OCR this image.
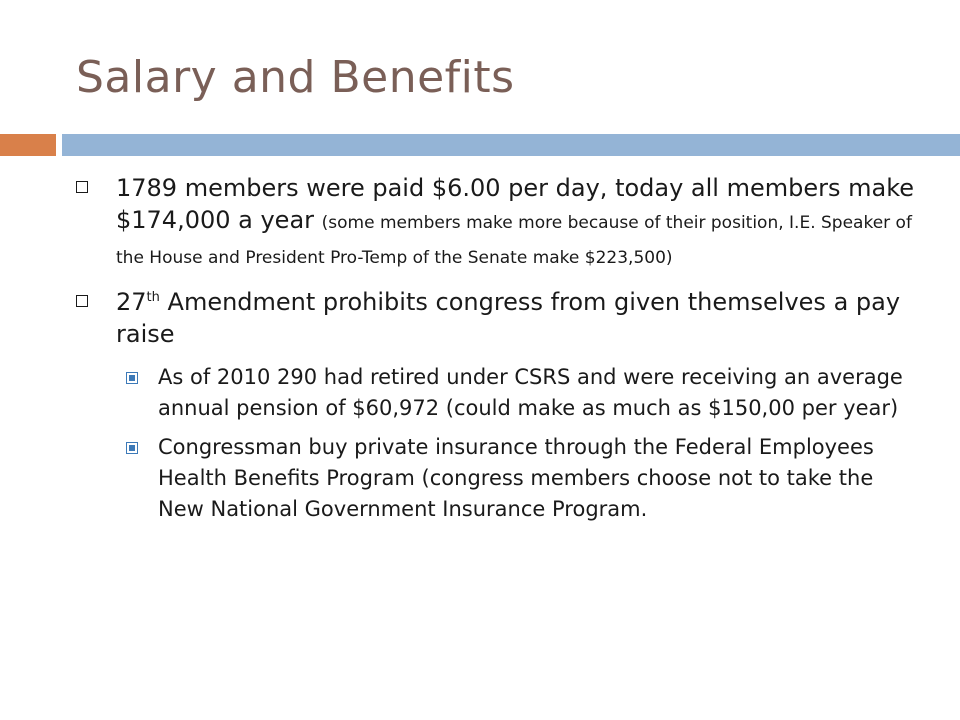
Salary and Benefits
1789 members were paid $6.00 per day, today all members make $174,000 a year (some members make more because of their position, I.E. Speaker of the House and President Pro-Temp of the Senate make $223,500)
27th Amendment prohibits congress from given themselves a pay raise
As of 2010 290 had retired under CSRS and were receiving an average annual pension of $60,972 (could make as much as $150,00 per year)
Congressman buy private insurance through the Federal Employees Health Benefits Program (congress members choose not to take the New National Government Insurance Program.
